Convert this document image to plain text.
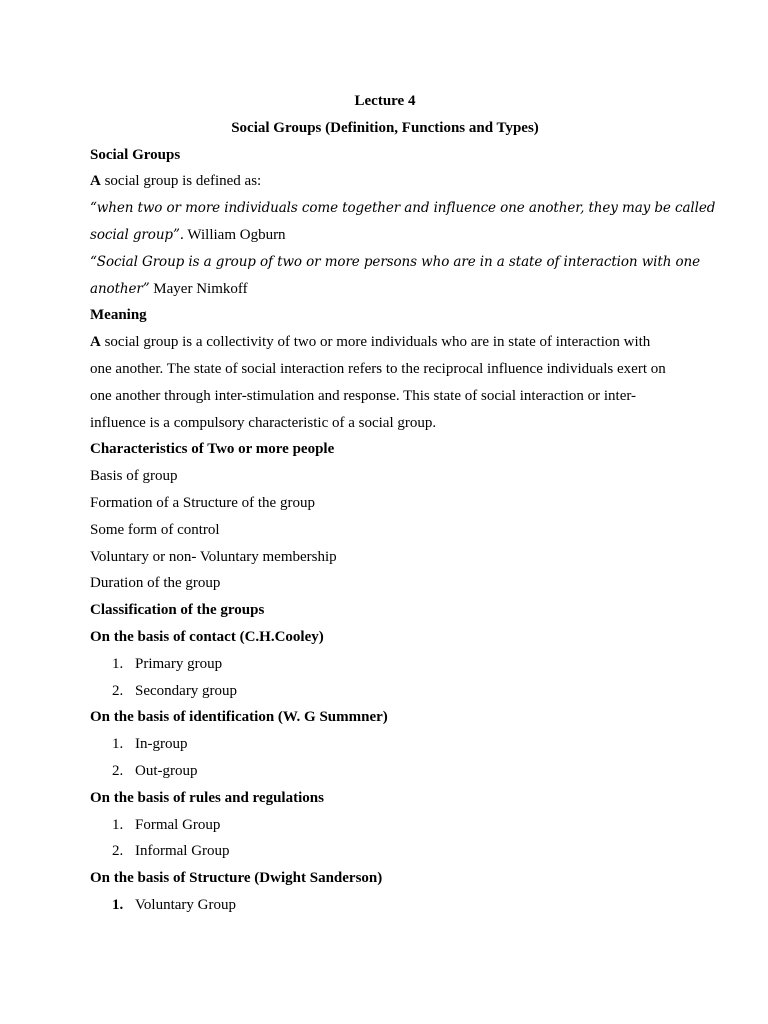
Lecture 4
Social Groups (Definition, Functions and Types)
Social Groups
A social group is defined as:
“when two or more individuals come together and influence one another, they may be called
social group”. William Ogburn
“Social Group is a group of two or more persons who are in a state of interaction with one
another” Mayer Nimkoff
Meaning
A social group is a collectivity of two or more individuals who are in state of interaction with
one another. The state of social interaction refers to the reciprocal influence individuals exert on
one another through inter-stimulation and response. This state of social interaction or inter-
influence is a compulsory characteristic of a social group.
Characteristics of Two or more people
Basis of group
Formation of a Structure of the group
Some form of control
Voluntary or non- Voluntary membership
Duration of the group
Classification of the groups
On the basis of contact (C.H.Cooley)
1. Primary group
2. Secondary group
On the basis of identification (W. G Summner)
1. In-group
2. Out-group
On the basis of rules and regulations
1. Formal Group
2. Informal Group
On the basis of Structure (Dwight Sanderson)
1. Voluntary Group
